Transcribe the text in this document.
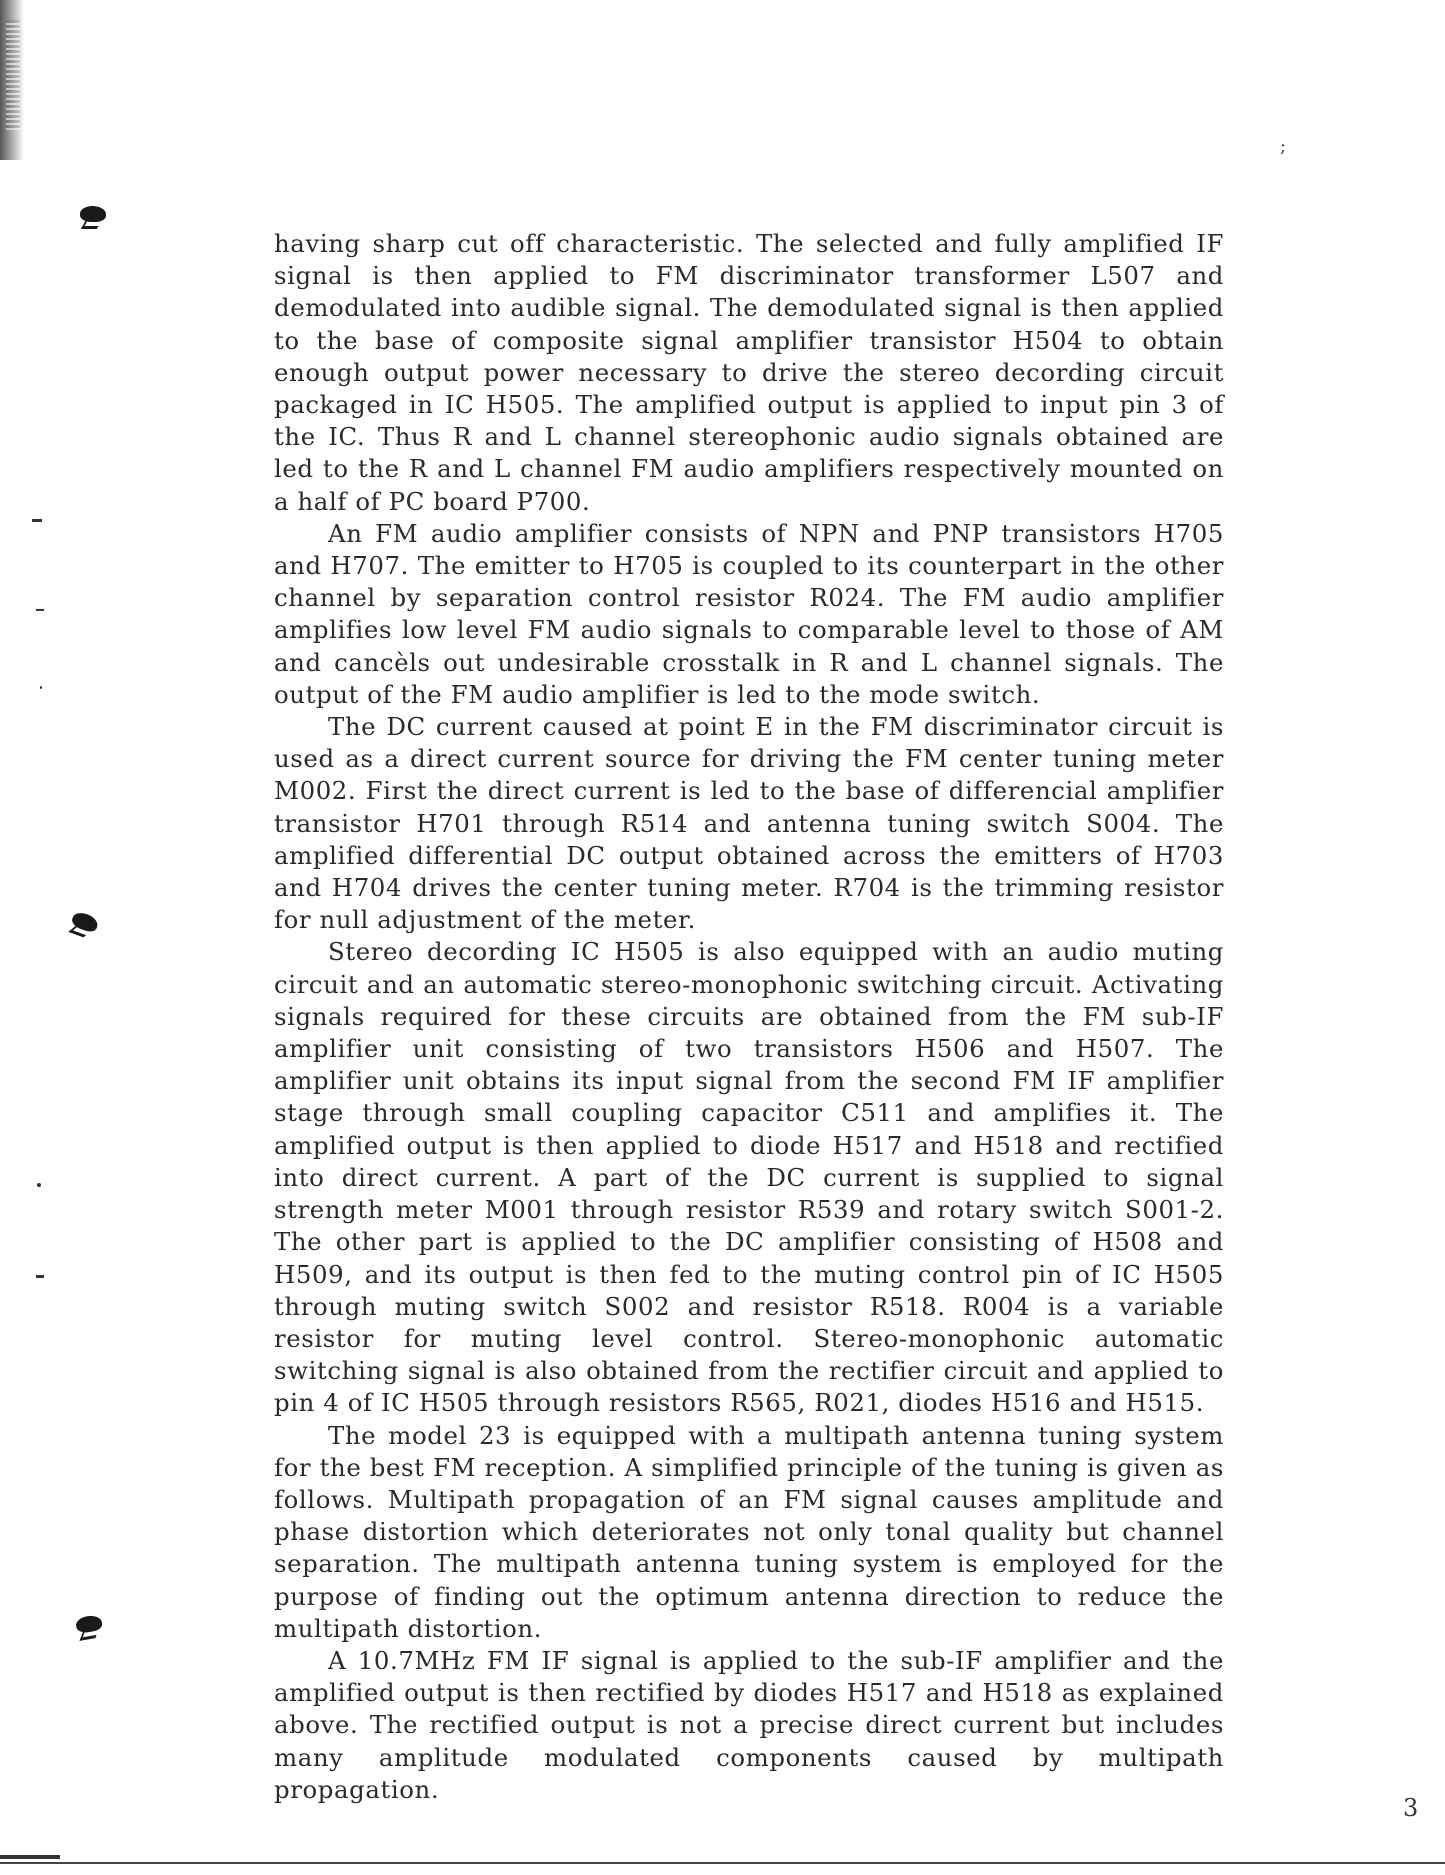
;

having sharp cut off characteristic. The selected and fully amplified IF signal is then applied to FM discriminator transformer L507 and demodulated into audible signal. The demodulated signal is then applied to the base of composite signal amplifier transistor H504 to obtain enough output power necessary to drive the stereo decording circuit packaged in IC H505. The amplified output is applied to input pin 3 of the IC. Thus R and L channel stereophonic audio signals obtained are led to the R and L channel FM audio amplifiers respectively mounted on a half of PC board P700.

An FM audio amplifier consists of NPN and PNP transistors H705 and H707. The emitter to H705 is coupled to its counterpart in the other channel by separation control resistor R024. The FM audio amplifier amplifies low level FM audio signals to comparable level to those of AM and cancèls out undesirable crosstalk in R and L channel signals. The output of the FM audio amplifier is led to the mode switch.

The DC current caused at point E in the FM discriminator circuit is used as a direct current source for driving the FM center tuning meter M002. First the direct current is led to the base of differencial amplifier transistor H701 through R514 and antenna tuning switch S004. The amplified differential DC output obtained across the emitters of H703 and H704 drives the center tuning meter. R704 is the trimming resistor for null adjustment of the meter.

Stereo decording IC H505 is also equipped with an audio muting circuit and an automatic stereo-monophonic switching circuit. Activating signals required for these circuits are obtained from the FM sub-IF amplifier unit consisting of two transistors H506 and H507. The amplifier unit obtains its input signal from the second FM IF amplifier stage through small coupling capacitor C511 and amplifies it. The amplified output is then applied to diode H517 and H518 and rectified into direct current. A part of the DC current is supplied to signal strength meter M001 through resistor R539 and rotary switch S001-2. The other part is applied to the DC amplifier consisting of H508 and H509, and its output is then fed to the muting control pin of IC H505 through muting switch S002 and resistor R518. R004 is a variable resistor for muting level control. Stereo-monophonic automatic switching signal is also obtained from the rectifier circuit and applied to pin 4 of IC H505 through resistors R565, R021, diodes H516 and H515.

The model 23 is equipped with a multipath antenna tuning system for the best FM reception. A simplified principle of the tuning is given as follows. Multipath propagation of an FM signal causes amplitude and phase distortion which deteriorates not only tonal quality but channel separation. The multipath antenna tuning system is employed for the purpose of finding out the optimum antenna direction to reduce the multipath distortion.

A 10.7MHz FM IF signal is applied to the sub-IF amplifier and the amplified output is then rectified by diodes H517 and H518 as explained above. The rectified output is not a precise direct current but includes many amplitude modulated components caused by multipath propagation.

3
